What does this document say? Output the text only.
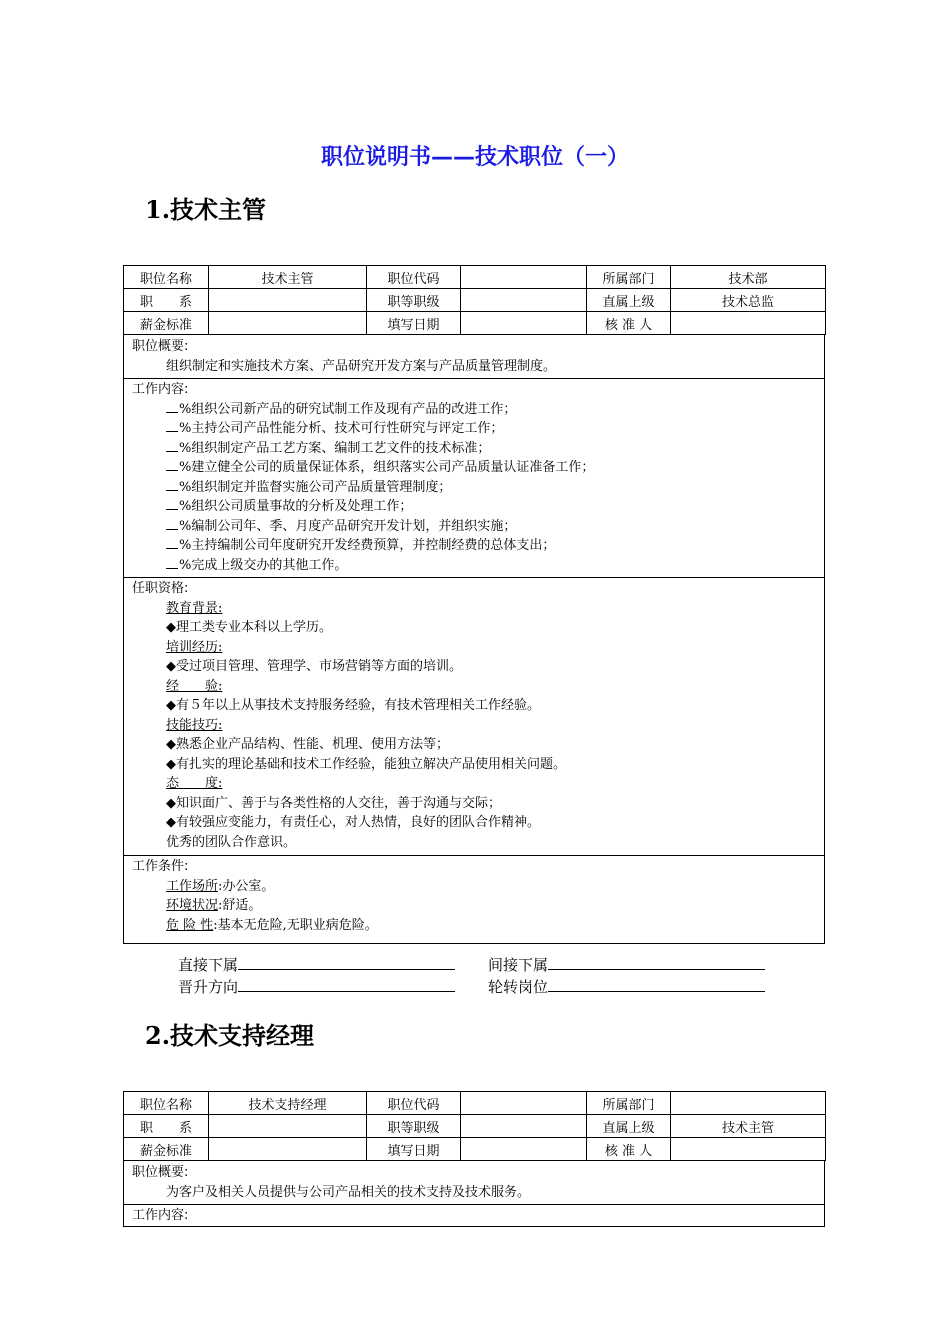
职位说明书——技术职位（一）
1.技术主管
职位名称	技术主管	职位代码		所属部门	技术部
职　　系		职等职级		直属上级	技术总监
薪金标准		填写日期		核 准 人	
职位概要:
组织制定和实施技术方案、产品研究开发方案与产品质量管理制度。
工作内容:
%组织公司新产品的研究试制工作及现有产品的改进工作；
%主持公司产品性能分析、技术可行性研究与评定工作；
%组织制定产品工艺方案、编制工艺文件的技术标准；
%建立健全公司的质量保证体系，组织落实公司产品质量认证准备工作；
%组织制定并监督实施公司产品质量管理制度；
%组织公司质量事故的分析及处理工作；
%编制公司年、季、月度产品研究开发计划，并组织实施；
%主持编制公司年度研究开发经费预算，并控制经费的总体支出；
%完成上级交办的其他工作。
任职资格:
教育背景:
◆理工类专业本科以上学历。
培训经历:
◆受过项目管理、管理学、市场营销等方面的培训。
经　　验:
◆有５年以上从事技术支持服务经验，有技术管理相关工作经验。
技能技巧:
◆熟悉企业产品结构、性能、机理、使用方法等；
◆有扎实的理论基础和技术工作经验，能独立解决产品使用相关问题。
态　　度:
◆知识面广、善于与各类性格的人交往，善于沟通与交际；
◆有较强应变能力，有责任心，对人热情，良好的团队合作精神。
优秀的团队合作意识。
工作条件:
工作场所:办公室。
环境状况:舒适。
危 险 性:基本无危险,无职业病危险。
直接下属	间接下属
晋升方向	轮转岗位
2.技术支持经理
职位名称	技术支持经理	职位代码		所属部门	
职　　系		职等职级		直属上级	技术主管
薪金标准		填写日期		核 准 人	
职位概要:
为客户及相关人员提供与公司产品相关的技术支持及技术服务。
工作内容:
